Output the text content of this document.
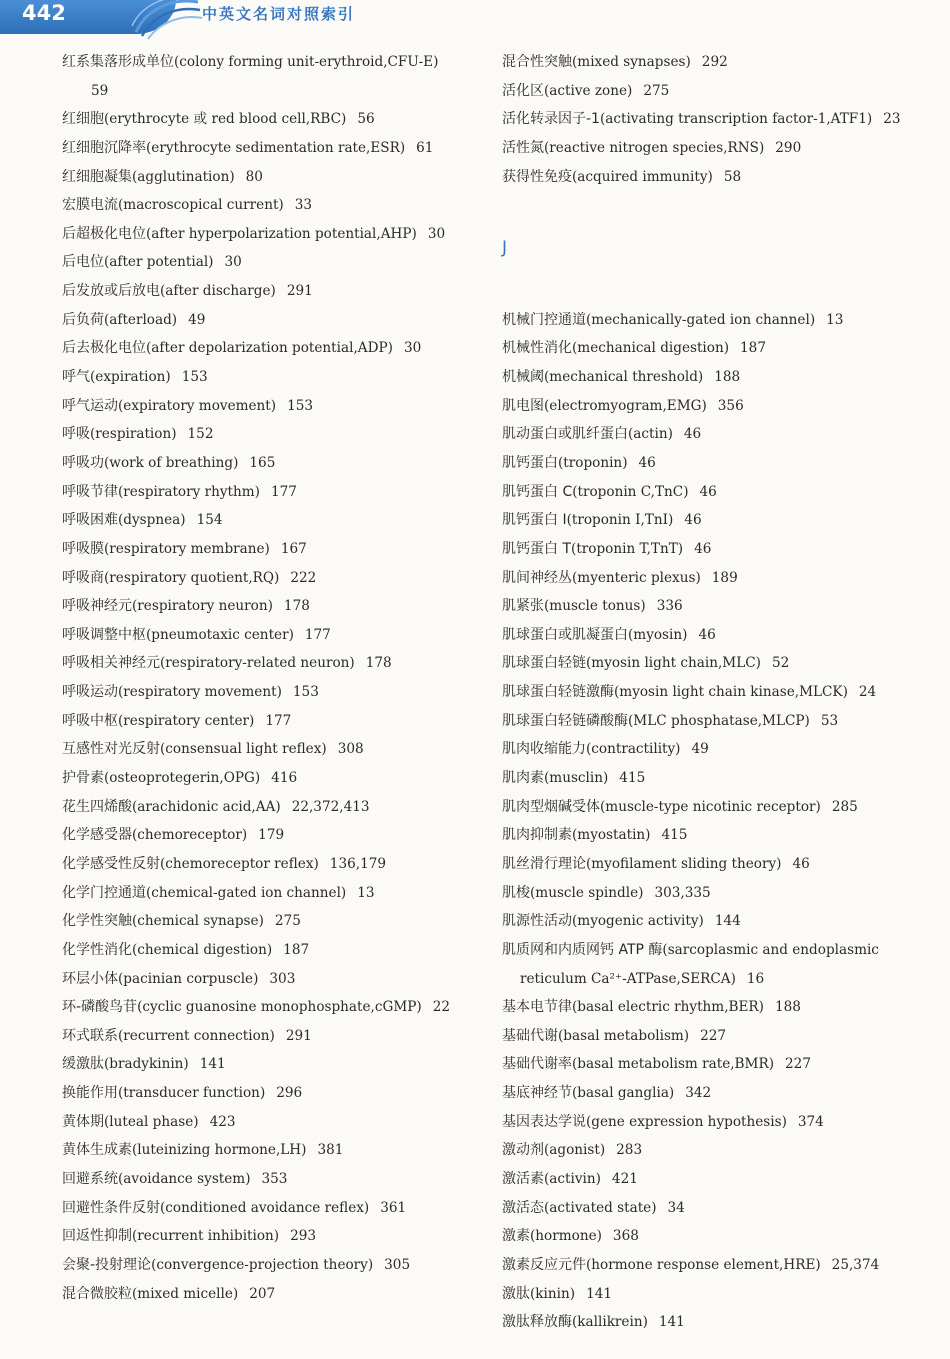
442	中英文名词对照索引
红系集落形成单位(colony forming unit-erythroid,CFU-E)
59
红细胞(erythrocyte 或 red blood cell,RBC) 56
红细胞沉降率(erythrocyte sedimentation rate,ESR) 61
红细胞凝集(agglutination) 80
宏膜电流(macroscopical current) 33
后超极化电位(after hyperpolarization potential,AHP) 30
后电位(after potential) 30
后发放或后放电(after discharge) 291
后负荷(afterload) 49
后去极化电位(after depolarization potential,ADP) 30
呼气(expiration) 153
呼气运动(expiratory movement) 153
呼吸(respiration) 152
呼吸功(work of breathing) 165
呼吸节律(respiratory rhythm) 177
呼吸困难(dyspnea) 154
呼吸膜(respiratory membrane) 167
呼吸商(respiratory quotient,RQ) 222
呼吸神经元(respiratory neuron) 178
呼吸调整中枢(pneumotaxic center) 177
呼吸相关神经元(respiratory-related neuron) 178
呼吸运动(respiratory movement) 153
呼吸中枢(respiratory center) 177
互感性对光反射(consensual light reflex) 308
护骨素(osteoprotegerin,OPG) 416
花生四烯酸(arachidonic acid,AA) 22,372,413
化学感受器(chemoreceptor) 179
化学感受性反射(chemoreceptor reflex) 136,179
化学门控通道(chemical-gated ion channel) 13
化学性突触(chemical synapse) 275
化学性消化(chemical digestion) 187
环层小体(pacinian corpuscle) 303
环-磷酸鸟苷(cyclic guanosine monophosphate,cGMP) 22
环式联系(recurrent connection) 291
缓激肽(bradykinin) 141
换能作用(transducer function) 296
黄体期(luteal phase) 423
黄体生成素(luteinizing hormone,LH) 381
回避系统(avoidance system) 353
回避性条件反射(conditioned avoidance reflex) 361
回返性抑制(recurrent inhibition) 293
会聚-投射理论(convergence-projection theory) 305
混合微胶粒(mixed micelle) 207
混合性突触(mixed synapses) 292
活化区(active zone) 275
活化转录因子-1(activating transcription factor-1,ATF1) 23
活性氮(reactive nitrogen species,RNS) 290
获得性免疫(acquired immunity) 58
J
机械门控通道(mechanically-gated ion channel) 13
机械性消化(mechanical digestion) 187
机械阈(mechanical threshold) 188
肌电图(electromyogram,EMG) 356
肌动蛋白或肌纤蛋白(actin) 46
肌钙蛋白(troponin) 46
肌钙蛋白 C(troponin C,TnC) 46
肌钙蛋白 I(troponin I,TnI) 46
肌钙蛋白 T(troponin T,TnT) 46
肌间神经丛(myenteric plexus) 189
肌紧张(muscle tonus) 336
肌球蛋白或肌凝蛋白(myosin) 46
肌球蛋白轻链(myosin light chain,MLC) 52
肌球蛋白轻链激酶(myosin light chain kinase,MLCK) 24
肌球蛋白轻链磷酸酶(MLC phosphatase,MLCP) 53
肌肉收缩能力(contractility) 49
肌肉素(musclin) 415
肌肉型烟碱受体(muscle-type nicotinic receptor) 285
肌肉抑制素(myostatin) 415
肌丝滑行理论(myofilament sliding theory) 46
肌梭(muscle spindle) 303,335
肌源性活动(myogenic activity) 144
肌质网和内质网钙 ATP 酶(sarcoplasmic and endoplasmic
reticulum Ca²⁺-ATPase,SERCA) 16
基本电节律(basal electric rhythm,BER) 188
基础代谢(basal metabolism) 227
基础代谢率(basal metabolism rate,BMR) 227
基底神经节(basal ganglia) 342
基因表达学说(gene expression hypothesis) 374
激动剂(agonist) 283
激活素(activin) 421
激活态(activated state) 34
激素(hormone) 368
激素反应元件(hormone response element,HRE) 25,374
激肽(kinin) 141
激肽释放酶(kallikrein) 141
